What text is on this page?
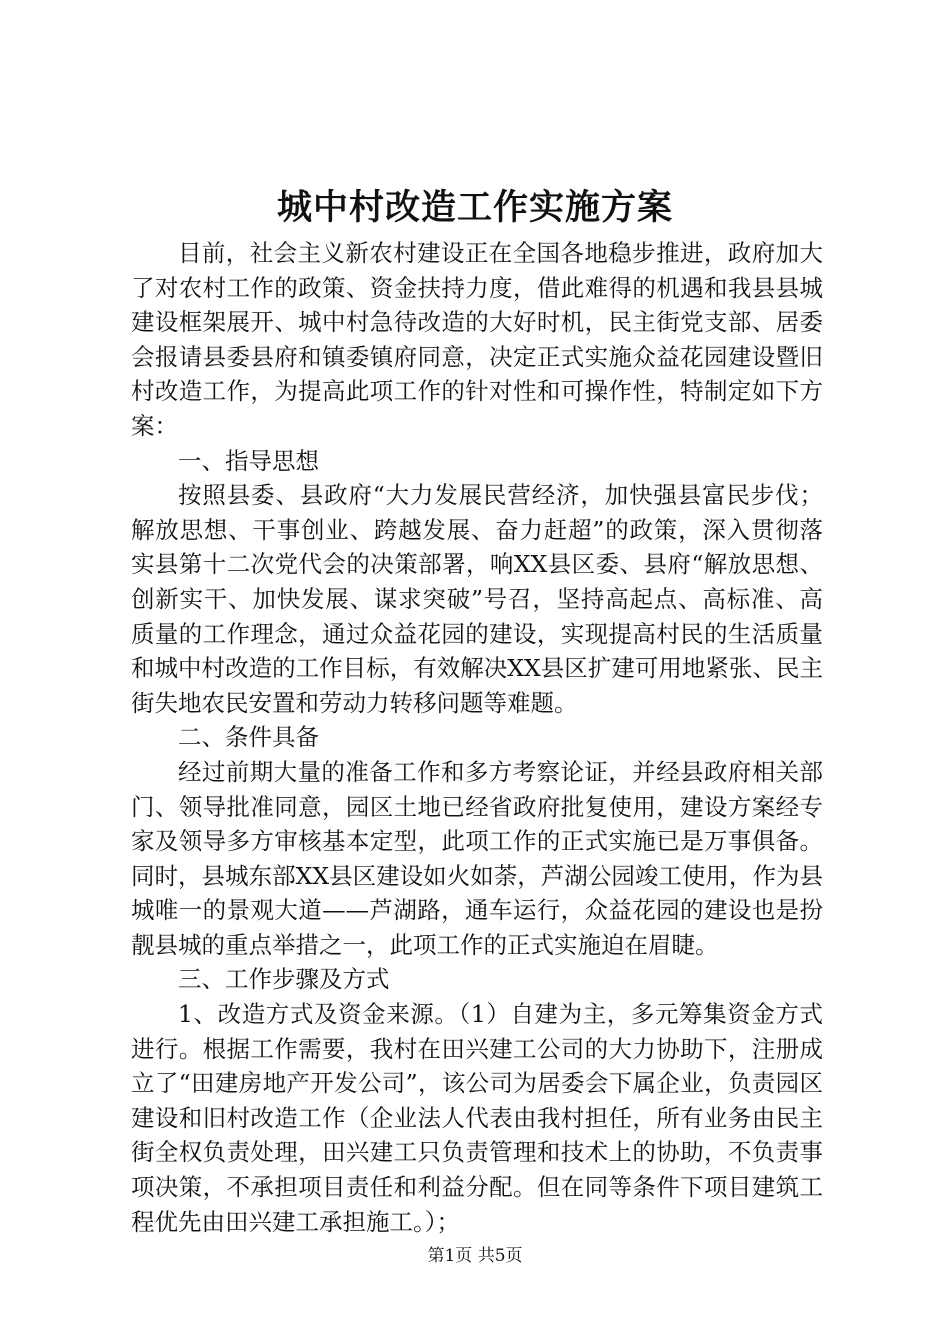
城中村改造工作实施方案

目前，社会主义新农村建设正在全国各地稳步推进，政府加大了对农村工作的政策、资金扶持力度，借此难得的机遇和我县县城建设框架展开、城中村急待改造的大好时机，民主街党支部、居委会报请县委县府和镇委镇府同意，决定正式实施众益花园建设暨旧村改造工作，为提高此项工作的针对性和可操作性，特制定如下方案：

一、指导思想

按照县委、县政府“大力发展民营经济，加快强县富民步伐；解放思想、干事创业、跨越发展、奋力赶超”的政策，深入贯彻落实县第十二次党代会的决策部署，响XX县区委、县府“解放思想、创新实干、加快发展、谋求突破”号召，坚持高起点、高标准、高质量的工作理念，通过众益花园的建设，实现提高村民的生活质量和城中村改造的工作目标，有效解决XX县区扩建可用地紧张、民主街失地农民安置和劳动力转移问题等难题。

二、条件具备

经过前期大量的准备工作和多方考察论证，并经县政府相关部门、领导批准同意，园区土地已经省政府批复使用，建设方案经专家及领导多方审核基本定型，此项工作的正式实施已是万事俱备。同时，县城东部XX县区建设如火如荼，芦湖公园竣工使用，作为县城唯一的景观大道——芦湖路，通车运行，众益花园的建设也是扮靓县城的重点举措之一，此项工作的正式实施迫在眉睫。

三、工作步骤及方式

1、改造方式及资金来源。（1）自建为主，多元筹集资金方式进行。根据工作需要，我村在田兴建工公司的大力协助下，注册成立了“田建房地产开发公司”，该公司为居委会下属企业，负责园区建设和旧村改造工作（企业法人代表由我村担任，所有业务由民主街全权负责处理，田兴建工只负责管理和技术上的协助，不负责事项决策，不承担项目责任和利益分配。但在同等条件下项目建筑工程优先由田兴建工承担施工。）；

第1页 共5页
